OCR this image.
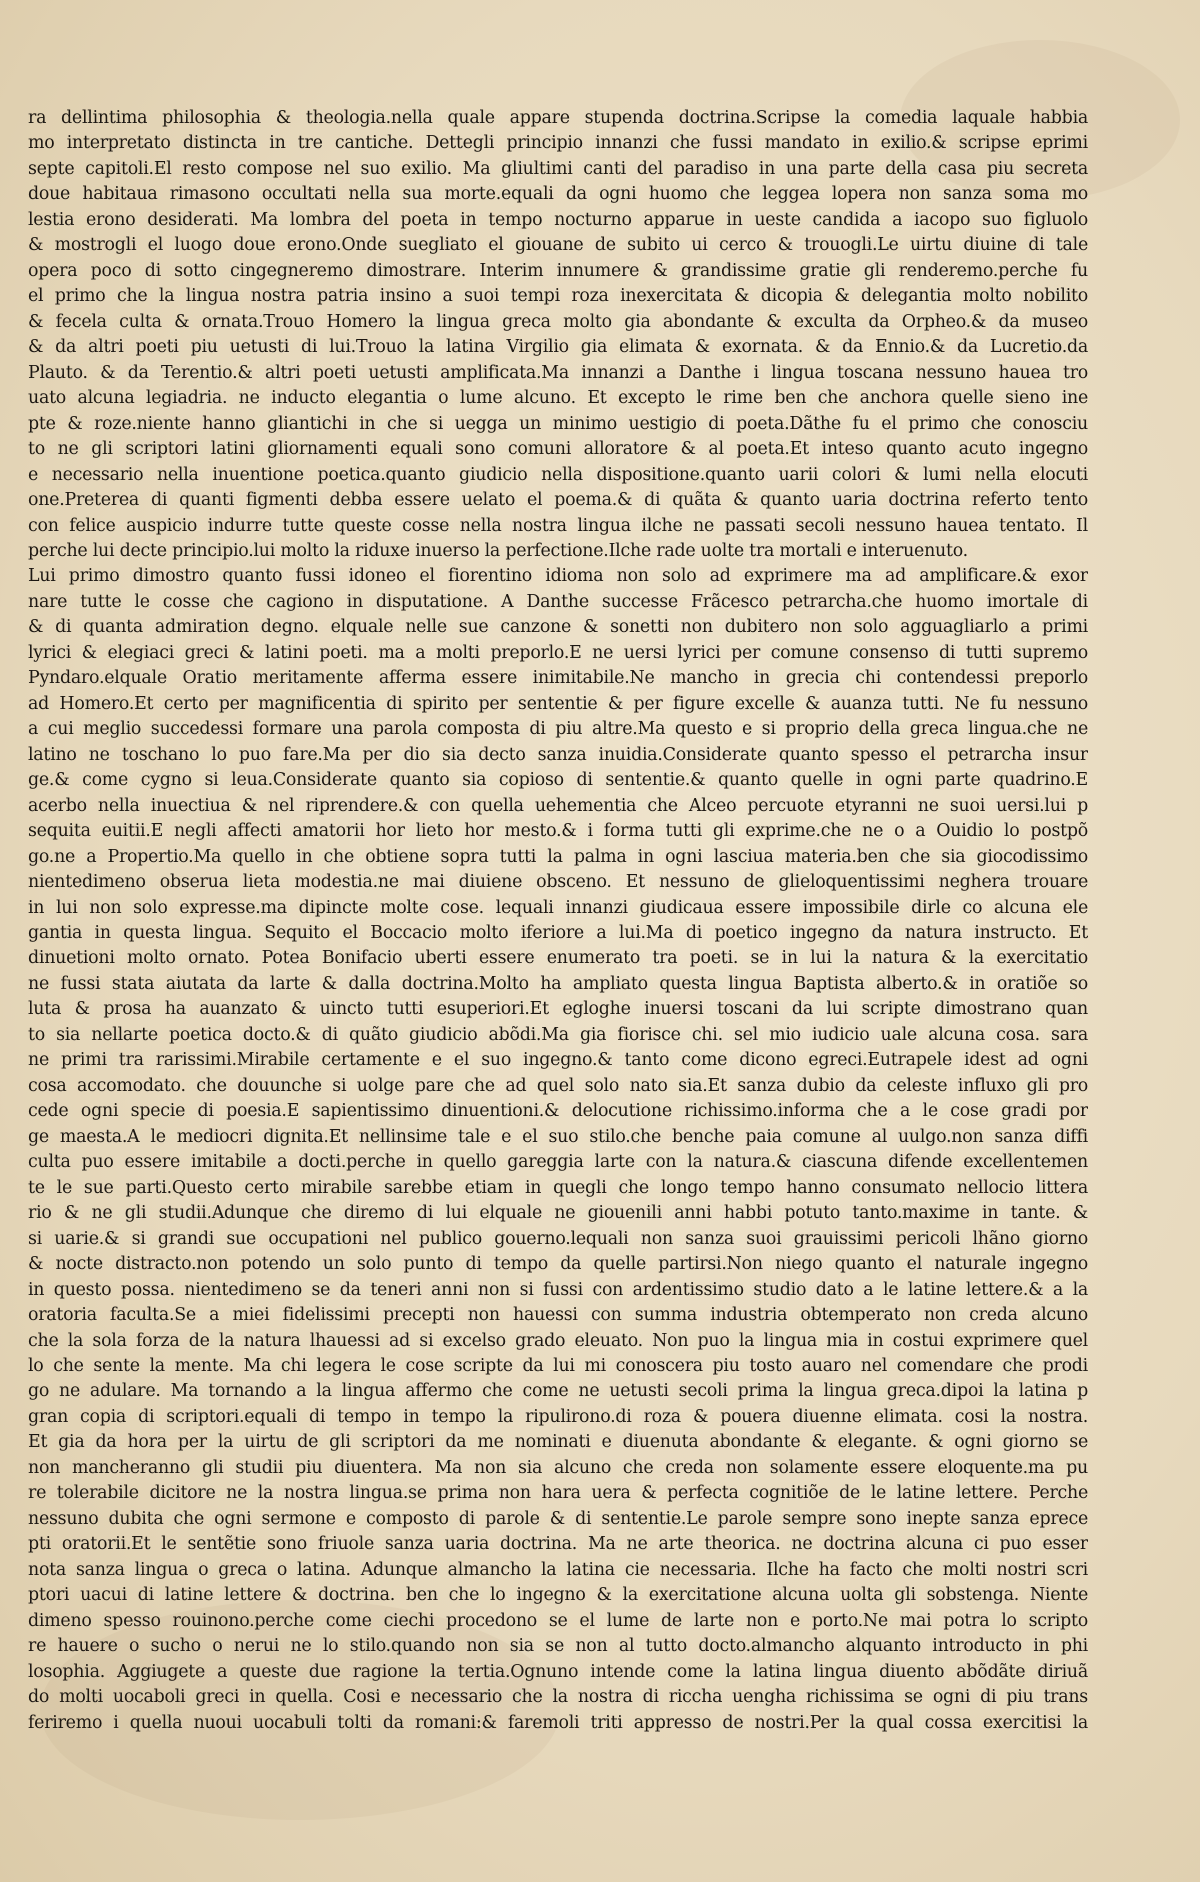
ra dellintima philosophia & theologia.nella quale appare stupenda doctrina.Scripse la comedia laquale habbia
mo interpretato distincta in tre cantiche. Dettegli principio innanzi che fussi mandato in exilio.& scripse eprimi
septe capitoli.El resto compose nel suo exilio. Ma gliultimi canti del paradiso in una parte della casa piu secreta
doue habitaua rimasono occultati nella sua morte.equali da ogni huomo che leggea lopera non sanza soma mo
lestia erono desiderati. Ma lombra del poeta in tempo nocturno apparue in ueste candida a iacopo suo figluolo
& mostrogli el luogo doue erono.Onde suegliato el giouane de subito ui cerco & trouogli.Le uirtu diuine di tale
opera poco di sotto cingegneremo dimostrare. Interim innumere & grandissime gratie gli renderemo.perche fu
el primo che la lingua nostra patria insino a suoi tempi roza inexercitata & dicopia & delegantia molto nobilito
& fecela culta & ornata.Trouo Homero la lingua greca molto gia abondante & exculta da Orpheo.& da museo
& da altri poeti piu uetusti di lui.Trouo la latina Virgilio gia elimata & exornata. & da Ennio.& da Lucretio.da
Plauto. & da Terentio.& altri poeti uetusti amplificata.Ma innanzi a Danthe i lingua toscana nessuno hauea tro
uato alcuna legiadria. ne inducto elegantia o lume alcuno. Et excepto le rime ben che anchora quelle sieno ine
pte & roze.niente hanno gliantichi in che si uegga un minimo uestigio di poeta.Dãthe fu el primo che conosciu
to ne gli scriptori latini gliornamenti equali sono comuni alloratore & al poeta.Et inteso quanto acuto ingegno
e necessario nella inuentione poetica.quanto giudicio nella dispositione.quanto uarii colori & lumi nella elocuti
one.Preterea di quanti figmenti debba essere uelato el poema.& di quãta & quanto uaria doctrina referto tento
con felice auspicio indurre tutte queste cosse nella nostra lingua ilche ne passati secoli nessuno hauea tentato. Il
perche lui decte principio.lui molto la riduxe inuerso la perfectione.Ilche rade uolte tra mortali e interuenuto.
Lui primo dimostro quanto fussi idoneo el fiorentino idioma non solo ad exprimere ma ad amplificare.& exor
nare tutte le cosse che cagiono in disputatione. A Danthe successe Frãcesco petrarcha.che huomo imortale di
& di quanta admiration degno. elquale nelle sue canzone & sonetti non dubitero non solo agguagliarlo a primi
lyrici & elegiaci greci & latini poeti. ma a molti preporlo.E ne uersi lyrici per comune consenso di tutti supremo
Pyndaro.elquale Oratio meritamente afferma essere inimitabile.Ne mancho in grecia chi contendessi preporlo
ad Homero.Et certo per magnificentia di spirito per sententie & per figure excelle & auanza tutti. Ne fu nessuno
a cui meglio succedessi formare una parola composta di piu altre.Ma questo e si proprio della greca lingua.che ne
latino ne toschano lo puo fare.Ma per dio sia decto sanza inuidia.Considerate quanto spesso el petrarcha insur
ge.& come cygno si leua.Considerate quanto sia copioso di sententie.& quanto quelle in ogni parte quadrino.E
acerbo nella inuectiua & nel riprendere.& con quella uehementia che Alceo percuote etyranni ne suoi uersi.lui p
sequita euitii.E negli affecti amatorii hor lieto hor mesto.& i forma tutti gli exprime.che ne o a Ouidio lo postpõ
go.ne a Propertio.Ma quello in che obtiene sopra tutti la palma in ogni lasciua materia.ben che sia giocodissimo
nientedimeno obserua lieta modestia.ne mai diuiene obsceno. Et nessuno de glieloquentissimi neghera trouare
in lui non solo expresse.ma dipincte molte cose. lequali innanzi giudicaua essere impossibile dirle co alcuna ele
gantia in questa lingua. Sequito el Boccacio molto iferiore a lui.Ma di poetico ingegno da natura instructo. Et
dinuetioni molto ornato. Potea Bonifacio uberti essere enumerato tra poeti. se in lui la natura & la exercitatio
ne fussi stata aiutata da larte & dalla doctrina.Molto ha ampliato questa lingua Baptista alberto.& in oratiõe so
luta & prosa ha auanzato & uincto tutti esuperiori.Et egloghe inuersi toscani da lui scripte dimostrano quan
to sia nellarte poetica docto.& di quãto giudicio abõdi.Ma gia fiorisce chi. sel mio iudicio uale alcuna cosa. sara
ne primi tra rarissimi.Mirabile certamente e el suo ingegno.& tanto come dicono egreci.Eutrapele idest ad ogni
cosa accomodato. che douunche si uolge pare che ad quel solo nato sia.Et sanza dubio da celeste influxo gli pro
cede ogni specie di poesia.E sapientissimo dinuentioni.& delocutione richissimo.informa che a le cose gradi por
ge maesta.A le mediocri dignita.Et nellinsime tale e el suo stilo.che benche paia comune al uulgo.non sanza diffi
culta puo essere imitabile a docti.perche in quello gareggia larte con la natura.& ciascuna difende excellentemen
te le sue parti.Questo certo mirabile sarebbe etiam in quegli che longo tempo hanno consumato nellocio littera
rio & ne gli studii.Adunque che diremo di lui elquale ne giouenili anni habbi potuto tanto.maxime in tante. &
si uarie.& si grandi sue occupationi nel publico gouerno.lequali non sanza suoi grauissimi pericoli lhãno giorno
& nocte distracto.non potendo un solo punto di tempo da quelle partirsi.Non niego quanto el naturale ingegno
in questo possa. nientedimeno se da teneri anni non si fussi con ardentissimo studio dato a le latine lettere.& a la
oratoria faculta.Se a miei fidelissimi precepti non hauessi con summa industria obtemperato non creda alcuno
che la sola forza de la natura lhauessi ad si excelso grado eleuato. Non puo la lingua mia in costui exprimere quel
lo che sente la mente. Ma chi legera le cose scripte da lui mi conoscera piu tosto auaro nel comendare che prodi
go ne adulare. Ma tornando a la lingua affermo che come ne uetusti secoli prima la lingua greca.dipoi la latina p
gran copia di scriptori.equali di tempo in tempo la ripulirono.di roza & pouera diuenne elimata. cosi la nostra.
Et gia da hora per la uirtu de gli scriptori da me nominati e diuenuta abondante & elegante. & ogni giorno se
non mancheranno gli studii piu diuentera. Ma non sia alcuno che creda non solamente essere eloquente.ma pu
re tolerabile dicitore ne la nostra lingua.se prima non hara uera & perfecta cognitiõe de le latine lettere. Perche
nessuno dubita che ogni sermone e composto di parole & di sententie.Le parole sempre sono inepte sanza eprece
pti oratorii.Et le sentẽtie sono friuole sanza uaria doctrina. Ma ne arte theorica. ne doctrina alcuna ci puo esser
nota sanza lingua o greca o latina. Adunque almancho la latina cie necessaria. Ilche ha facto che molti nostri scri
ptori uacui di latine lettere & doctrina. ben che lo ingegno & la exercitatione alcuna uolta gli sobstenga. Niente
dimeno spesso rouinono.perche come ciechi procedono se el lume de larte non e porto.Ne mai potra lo scripto
re hauere o sucho o nerui ne lo stilo.quando non sia se non al tutto docto.almancho alquanto introducto in phi
losophia. Aggiugete a queste due ragione la tertia.Ognuno intende come la latina lingua diuento abõdãte diriuã
do molti uocaboli greci in quella. Cosi e necessario che la nostra di riccha uengha richissima se ogni di piu trans
feriremo i quella nuoui uocabuli tolti da romani:& faremoli triti appresso de nostri.Per la qual cossa exercitisi la
